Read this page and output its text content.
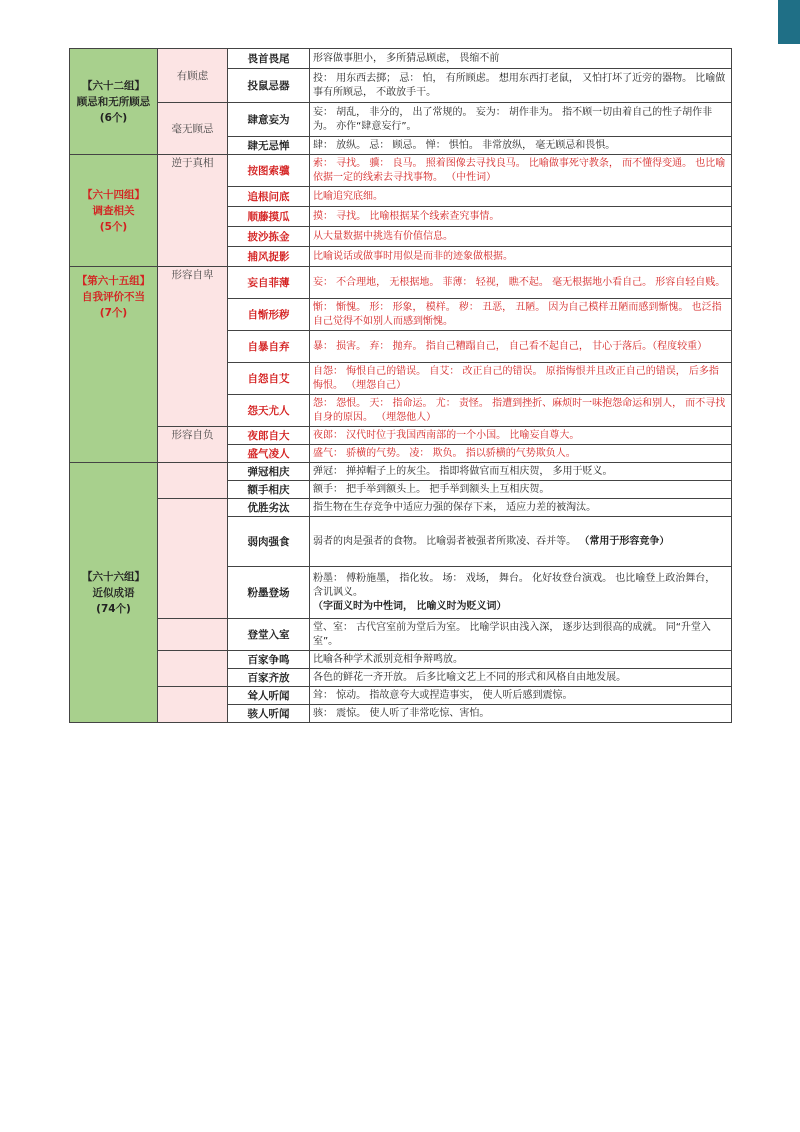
【六十二组】
顾忌和无所顾忌
(6个)	有顾虑	畏首畏尾	形容做事胆小， 多所猜忌顾虑， 畏缩不前
		投鼠忌器	投： 用东西去掷； 忌： 怕， 有所顾虑。 想用东西打老鼠， 又怕打坏了近旁的器物。 比喻做事有所顾忌， 不敢放手干。
	毫无顾忌	肆意妄为	妄： 胡乱， 非分的， 出了常规的。 妄为： 胡作非为。 指不顾一切由着自己的性子胡作非为。 亦作“肆意妄行”。
		肆无忌惮	肆： 放纵。 忌： 顾忌。 惮： 惧怕。 非常放纵， 毫无顾忌和畏惧。

【六十四组】
调查相关
(5个)	逆于真相	按图索骥	索： 寻找。 骥： 良马。 照着图像去寻找良马。 比喻做事死守教条， 而不懂得变通。 也比喻依据一定的线索去寻找事物。 （中性词）
		追根问底	比喻追究底细。
		顺藤摸瓜	摸： 寻找。 比喻根据某个线索查究事情。
		披沙拣金	从大量数据中挑选有价值信息。
		捕风捉影	比喻说话或做事时用似是而非的迹象做根据。

【第六十五组】
自我评价不当
(7个)	形容自卑	妄自菲薄	妄： 不合理地， 无根据地。 菲薄： 轻视， 瞧不起。 毫无根据地小看自己。 形容自轻自贱。
		自惭形秽	惭： 惭愧。 形： 形象， 模样。 秽： 丑恶， 丑陋。 因为自己模样丑陋而感到惭愧。 也泛指自己觉得不如别人而感到惭愧。
		自暴自弃	暴： 损害。 弃： 抛弃。 指自己糟蹋自己， 自己看不起自己， 甘心于落后。（程度较重）
		自怨自艾	自怨： 悔恨自己的错误。 自艾： 改正自己的错误。 原指悔恨并且改正自己的错误， 后多指悔恨。 （埋怨自己）
		怨天尤人	怨： 怨恨。 天： 指命运。 尤： 责怪。 指遭到挫折、麻烦时一味抱怨命运和别人， 而不寻找自身的原因。 （埋怨他人）
	形容自负	夜郎自大	夜郎： 汉代时位于我国西南部的一个小国。 比喻妄自尊大。
		盛气凌人	盛气： 骄横的气势。 凌： 欺负。 指以骄横的气势欺负人。

【六十六组】
近似成语
(74个)		弹冠相庆	弹冠： 掸掉帽子上的灰尘。 指即将做官而互相庆贺， 多用于贬义。
		额手相庆	额手： 把手举到额头上。 把手举到额头上互相庆贺。
		优胜劣汰	指生物在生存竞争中适应力强的保存下来， 适应力差的被淘汰。
		弱肉强食	弱者的肉是强者的食物。 比喻弱者被强者所欺凌、吞并等。 （常用于形容竞争）
		粉墨登场	粉墨： 傅粉施墨， 指化妆。 场： 戏场， 舞台。 化好妆登台演戏。 也比喻登上政治舞台， 含讥讽义。
（字面义时为中性词， 比喻义时为贬义词）
		登堂入室	堂、室： 古代宫室前为堂后为室。 比喻学识由浅入深， 逐步达到很高的成就。 同“升堂入室”。
		百家争鸣	比喻各种学术派别竞相争辩鸣放。
		百家齐放	各色的鲜花一齐开放。 后多比喻文艺上不同的形式和风格自由地发展。
		耸人听闻	耸： 惊动。 指故意夸大或捏造事实， 使人听后感到震惊。
		骇人听闻	骇： 震惊。 使人听了非常吃惊、害怕。
